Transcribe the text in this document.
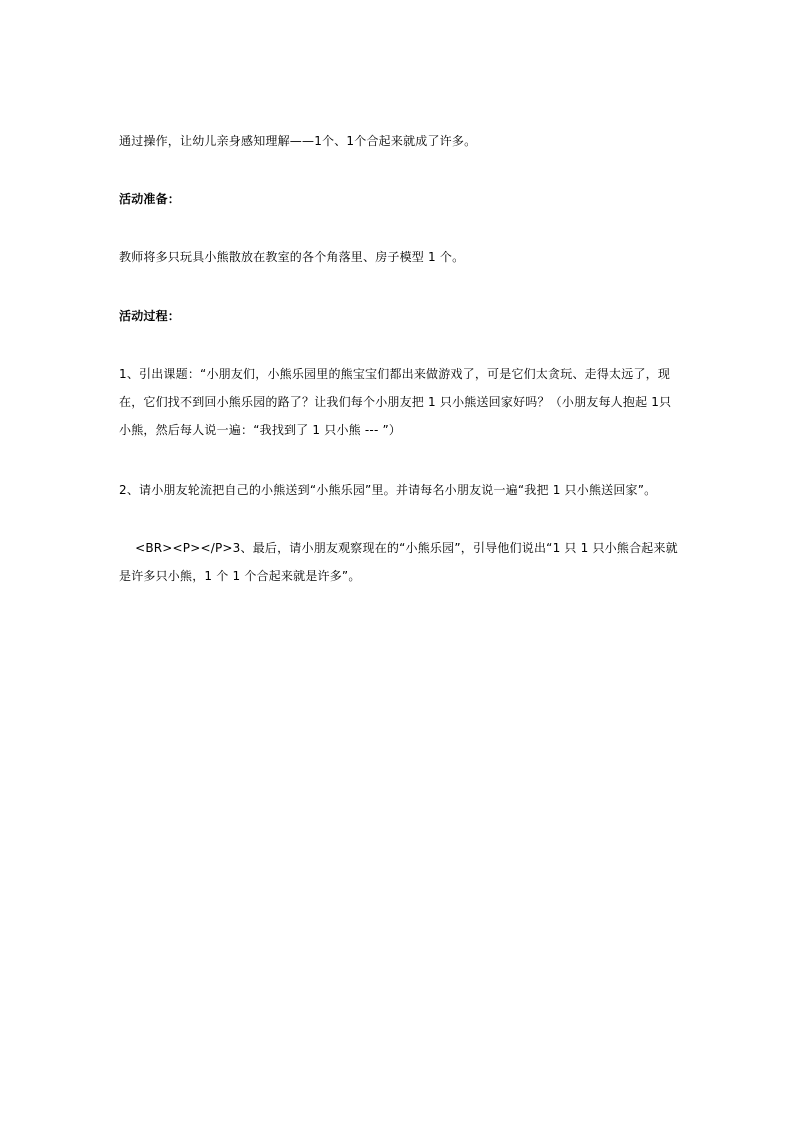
通过操作，让幼儿亲身感知理解——1个、1个合起来就成了许多。

活动准备：

教师将多只玩具小熊散放在教室的各个角落里、房子模型 1 个。

活动过程：

1、引出课题：“小朋友们，小熊乐园里的熊宝宝们都出来做游戏了，可是它们太贪玩、走得太远了，现在，它们找不到回小熊乐园的路了？让我们每个小朋友把 1 只小熊送回家好吗？（小朋友每人抱起 1只小熊，然后每人说一遍：“我找到了 1 只小熊 --- ”）

2、请小朋友轮流把自己的小熊送到“小熊乐园”里。并请每名小朋友说一遍“我把 1 只小熊送回家”。

<BR><P></P>3、最后，请小朋友观察现在的“小熊乐园”，引导他们说出“1 只 1 只小熊合起来就是许多只小熊，1 个 1 个合起来就是许多”。
